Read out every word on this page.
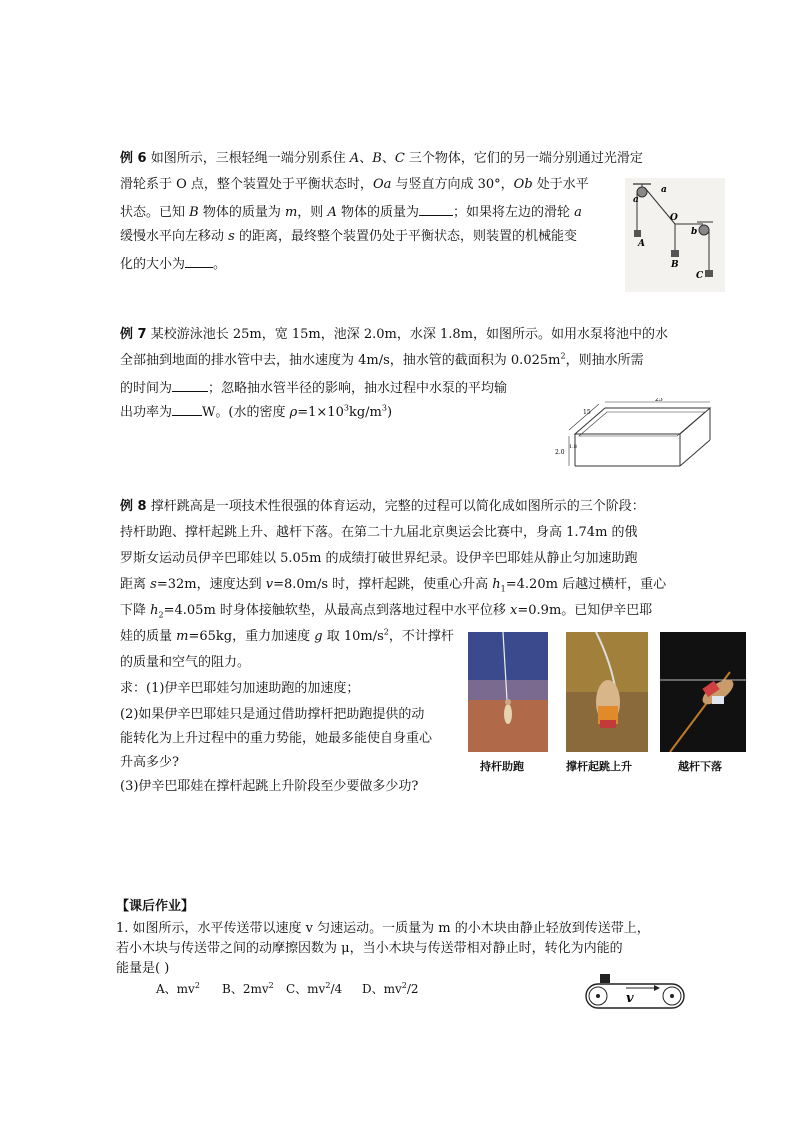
例 6 如图所示，三根轻绳一端分别系住 A、B、C 三个物体，它们的另一端分别通过光滑定
滑轮系于 O 点，整个装置处于平衡状态时，Oa 与竖直方向成 30°，Ob 处于水平
状态。已知 B 物体的质量为 m，则 A 物体的质量为	；如果将左边的滑轮 a
缓慢水平向左移动 s 的距离，最终整个装置仍处于平衡状态，则装置的机械能变
化的大小为 。
a
a
O
b
A
B
C
例 7 某校游泳池长 25m，宽 15m，池深 2.0m，水深 1.8m，如图所示。如用水泵将池中的水
全部抽到地面的排水管中去，抽水速度为 4m/s，抽水管的截面积为 $0.025m^2$，则抽水所需
的时间为	；忽略抽水管半径的影响，抽水过程中水泵的平均输
出功率为 W。(水的密度 $\rho=1\times 10^3kg/m^3$)
25
15
2.0
1.8
例 8 撑杆跳高是一项技术性很强的体育运动，完整的过程可以简化成如图所示的三个阶段：
持杆助跑、撑杆起跳上升、越杆下落。在第二十九届北京奥运会比赛中，身高 1.74m 的俄
罗斯女运动员伊辛巴耶娃以 5.05m 的成绩打破世界纪录。设伊辛巴耶娃从静止匀加速助跑
距离 s=32m，速度达到 v=8.0m/s 时，撑杆起跳，使重心升高 $h_1=4.20m$ 后越过横杆，重心
下降 $h_2=4.05m$ 时身体接触软垫，从最高点到落地过程中水平位移 x=0.9m。已知伊辛巴耶
娃的质量 m=65kg，重力加速度 g 取 $10m/s^2$，不计撑杆
的质量和空气的阻力。
求：(1)伊辛巴耶娃匀加速助跑的加速度；
(2)如果伊辛巴耶娃只是通过借助撑杆把助跑提供的动
能转化为上升过程中的重力势能，她最多能使自身重心
升高多少?
(3)伊辛巴耶娃在撑杆起跳上升阶段至少要做多少功?
持杆助跑	撑杆起跳上升	越杆下落
【课后作业】
1. 如图所示，水平传送带以速度 v 匀速运动。一质量为 m 的小木块由静止轻放到传送带上，
若小木块与传送带之间的动摩擦因数为 μ，当小木块与传送带相对静止时，转化为内能的
能量是( )
A、$mv^2$ B、$2mv^2$ C、$mv^2/4$ D、$mv^2/2$
v
